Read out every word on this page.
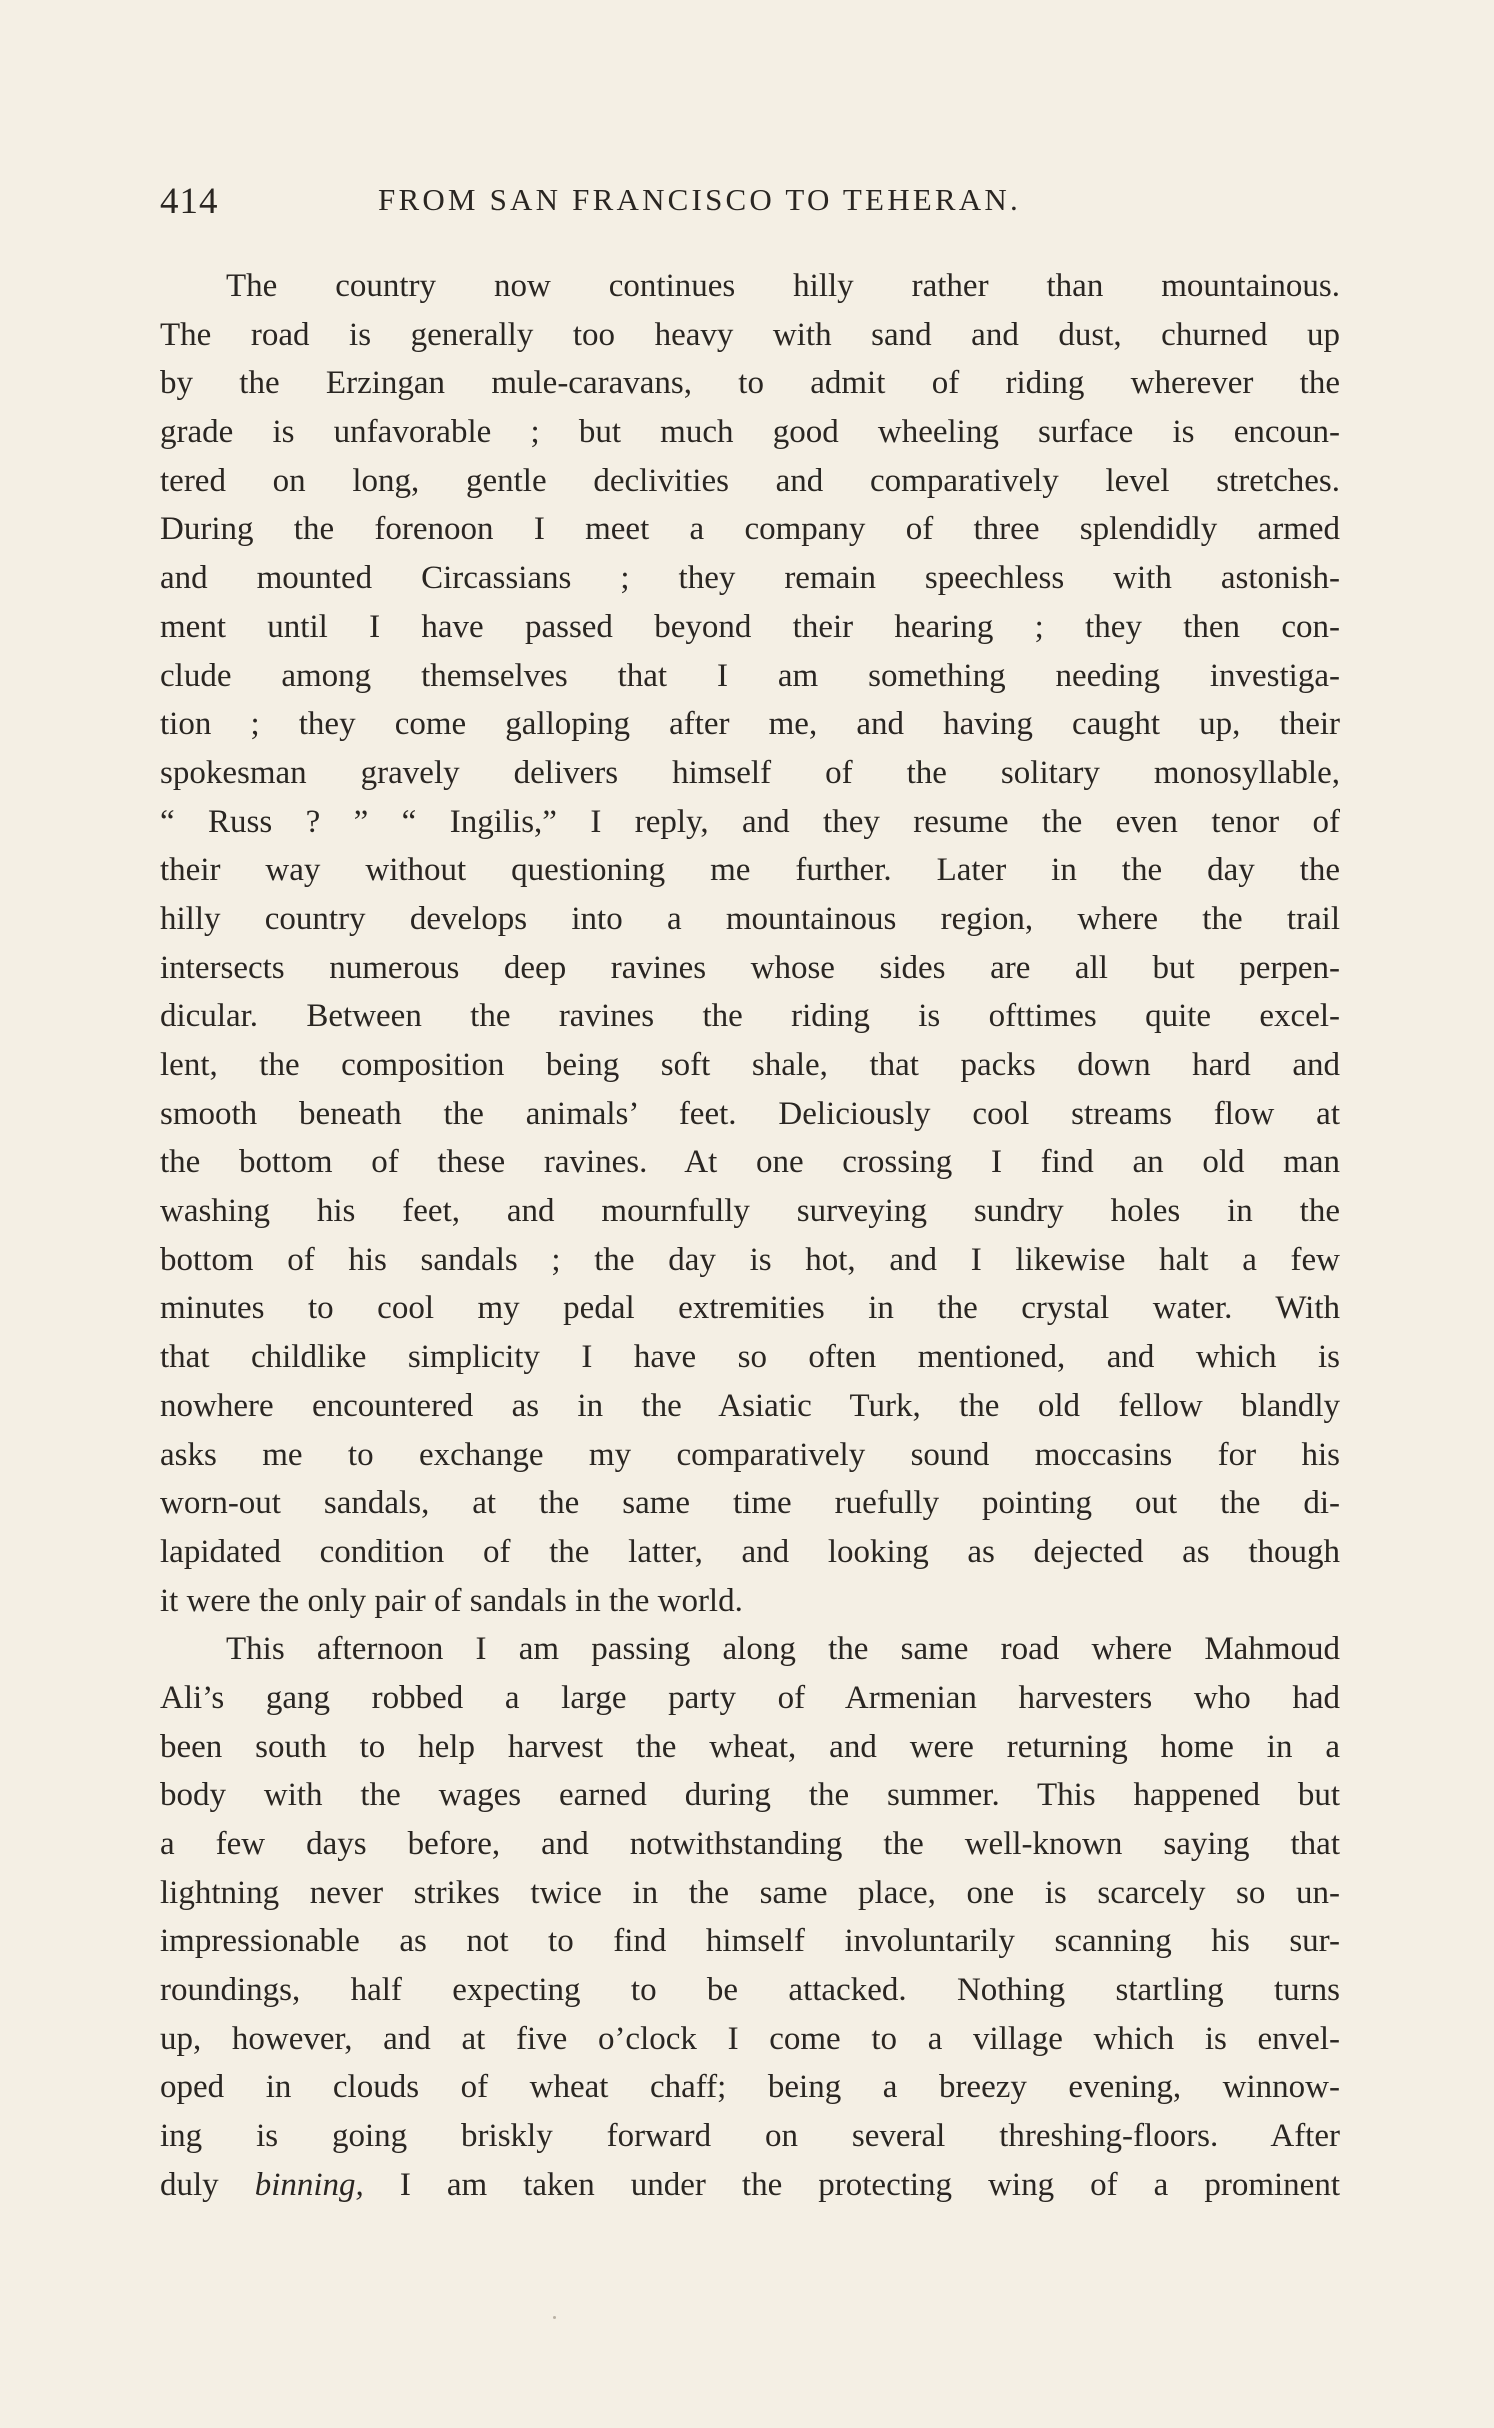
414	FROM SAN FRANCISCO TO TEHERAN.
The country now continues hilly rather than mountainous.
The road is generally too heavy with sand and dust, churned up
by the Erzingan mule-caravans, to admit of riding wherever the
grade is unfavorable ; but much good wheeling surface is encoun-
tered on long, gentle declivities and comparatively level stretches.
During the forenoon I meet a company of three splendidly armed
and mounted Circassians ; they remain speechless with astonish-
ment until I have passed beyond their hearing ; they then con-
clude among themselves that I am something needing investiga-
tion ; they come galloping after me, and having caught up, their
spokesman gravely delivers himself of the solitary monosyllable,
“ Russ ? ” “ Ingilis,” I reply, and they resume the even tenor of
their way without questioning me further. Later in the day the
hilly country develops into a mountainous region, where the trail
intersects numerous deep ravines whose sides are all but perpen-
dicular. Between the ravines the riding is ofttimes quite excel-
lent, the composition being soft shale, that packs down hard and
smooth beneath the animals’ feet. Deliciously cool streams flow at
the bottom of these ravines. At one crossing I find an old man
washing his feet, and mournfully surveying sundry holes in the
bottom of his sandals ; the day is hot, and I likewise halt a few
minutes to cool my pedal extremities in the crystal water. With
that childlike simplicity I have so often mentioned, and which is
nowhere encountered as in the Asiatic Turk, the old fellow blandly
asks me to exchange my comparatively sound moccasins for his
worn-out sandals, at the same time ruefully pointing out the di-
lapidated condition of the latter, and looking as dejected as though
it were the only pair of sandals in the world.
This afternoon I am passing along the same road where Mahmoud
Ali’s gang robbed a large party of Armenian harvesters who had
been south to help harvest the wheat, and were returning home in a
body with the wages earned during the summer. This happened but
a few days before, and notwithstanding the well-known saying that
lightning never strikes twice in the same place, one is scarcely so un-
impressionable as not to find himself involuntarily scanning his sur-
roundings, half expecting to be attacked. Nothing startling turns
up, however, and at five o’clock I come to a village which is envel-
oped in clouds of wheat chaff; being a breezy evening, winnow-
ing is going briskly forward on several threshing-floors. After
duly binning, I am taken under the protecting wing of a prominent
